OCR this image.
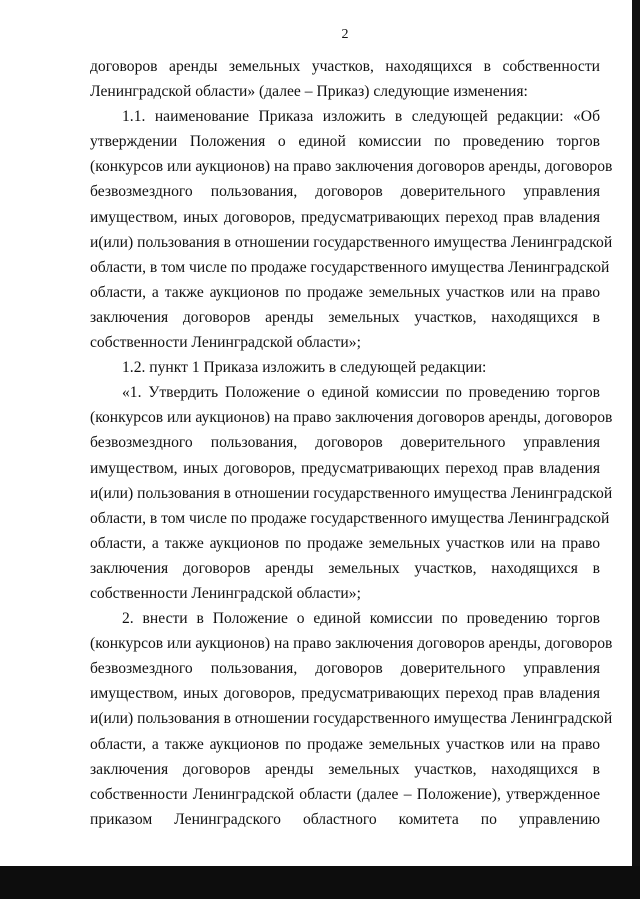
2
договоров аренды земельных участков, находящихся в собственности
Ленинградской области» (далее – Приказ) следующие изменения:
1.1. наименование Приказа изложить в следующей редакции: «Об
утверждении Положения о единой комиссии по проведению торгов
(конкурсов или аукционов) на право заключения договоров аренды, договоров
безвозмездного пользования, договоров доверительного управления
имуществом, иных договоров, предусматривающих переход прав владения
и(или) пользования в отношении государственного имущества Ленинградской
области, в том числе по продаже государственного имущества Ленинградской
области, а также аукционов по продаже земельных участков или на право
заключения договоров аренды земельных участков, находящихся в
собственности Ленинградской области»;
1.2. пункт 1 Приказа изложить в следующей редакции:
«1. Утвердить Положение о единой комиссии по проведению торгов
(конкурсов или аукционов) на право заключения договоров аренды, договоров
безвозмездного пользования, договоров доверительного управления
имуществом, иных договоров, предусматривающих переход прав владения
и(или) пользования в отношении государственного имущества Ленинградской
области, в том числе по продаже государственного имущества Ленинградской
области, а также аукционов по продаже земельных участков или на право
заключения договоров аренды земельных участков, находящихся в
собственности Ленинградской области»;
2. внести в Положение о единой комиссии по проведению торгов
(конкурсов или аукционов) на право заключения договоров аренды, договоров
безвозмездного пользования, договоров доверительного управления
имуществом, иных договоров, предусматривающих переход прав владения
и(или) пользования в отношении государственного имущества Ленинградской
области, а также аукционов по продаже земельных участков или на право
заключения договоров аренды земельных участков, находящихся в
собственности Ленинградской области (далее – Положение), утвержденное
приказом Ленинградского областного комитета по управлению
